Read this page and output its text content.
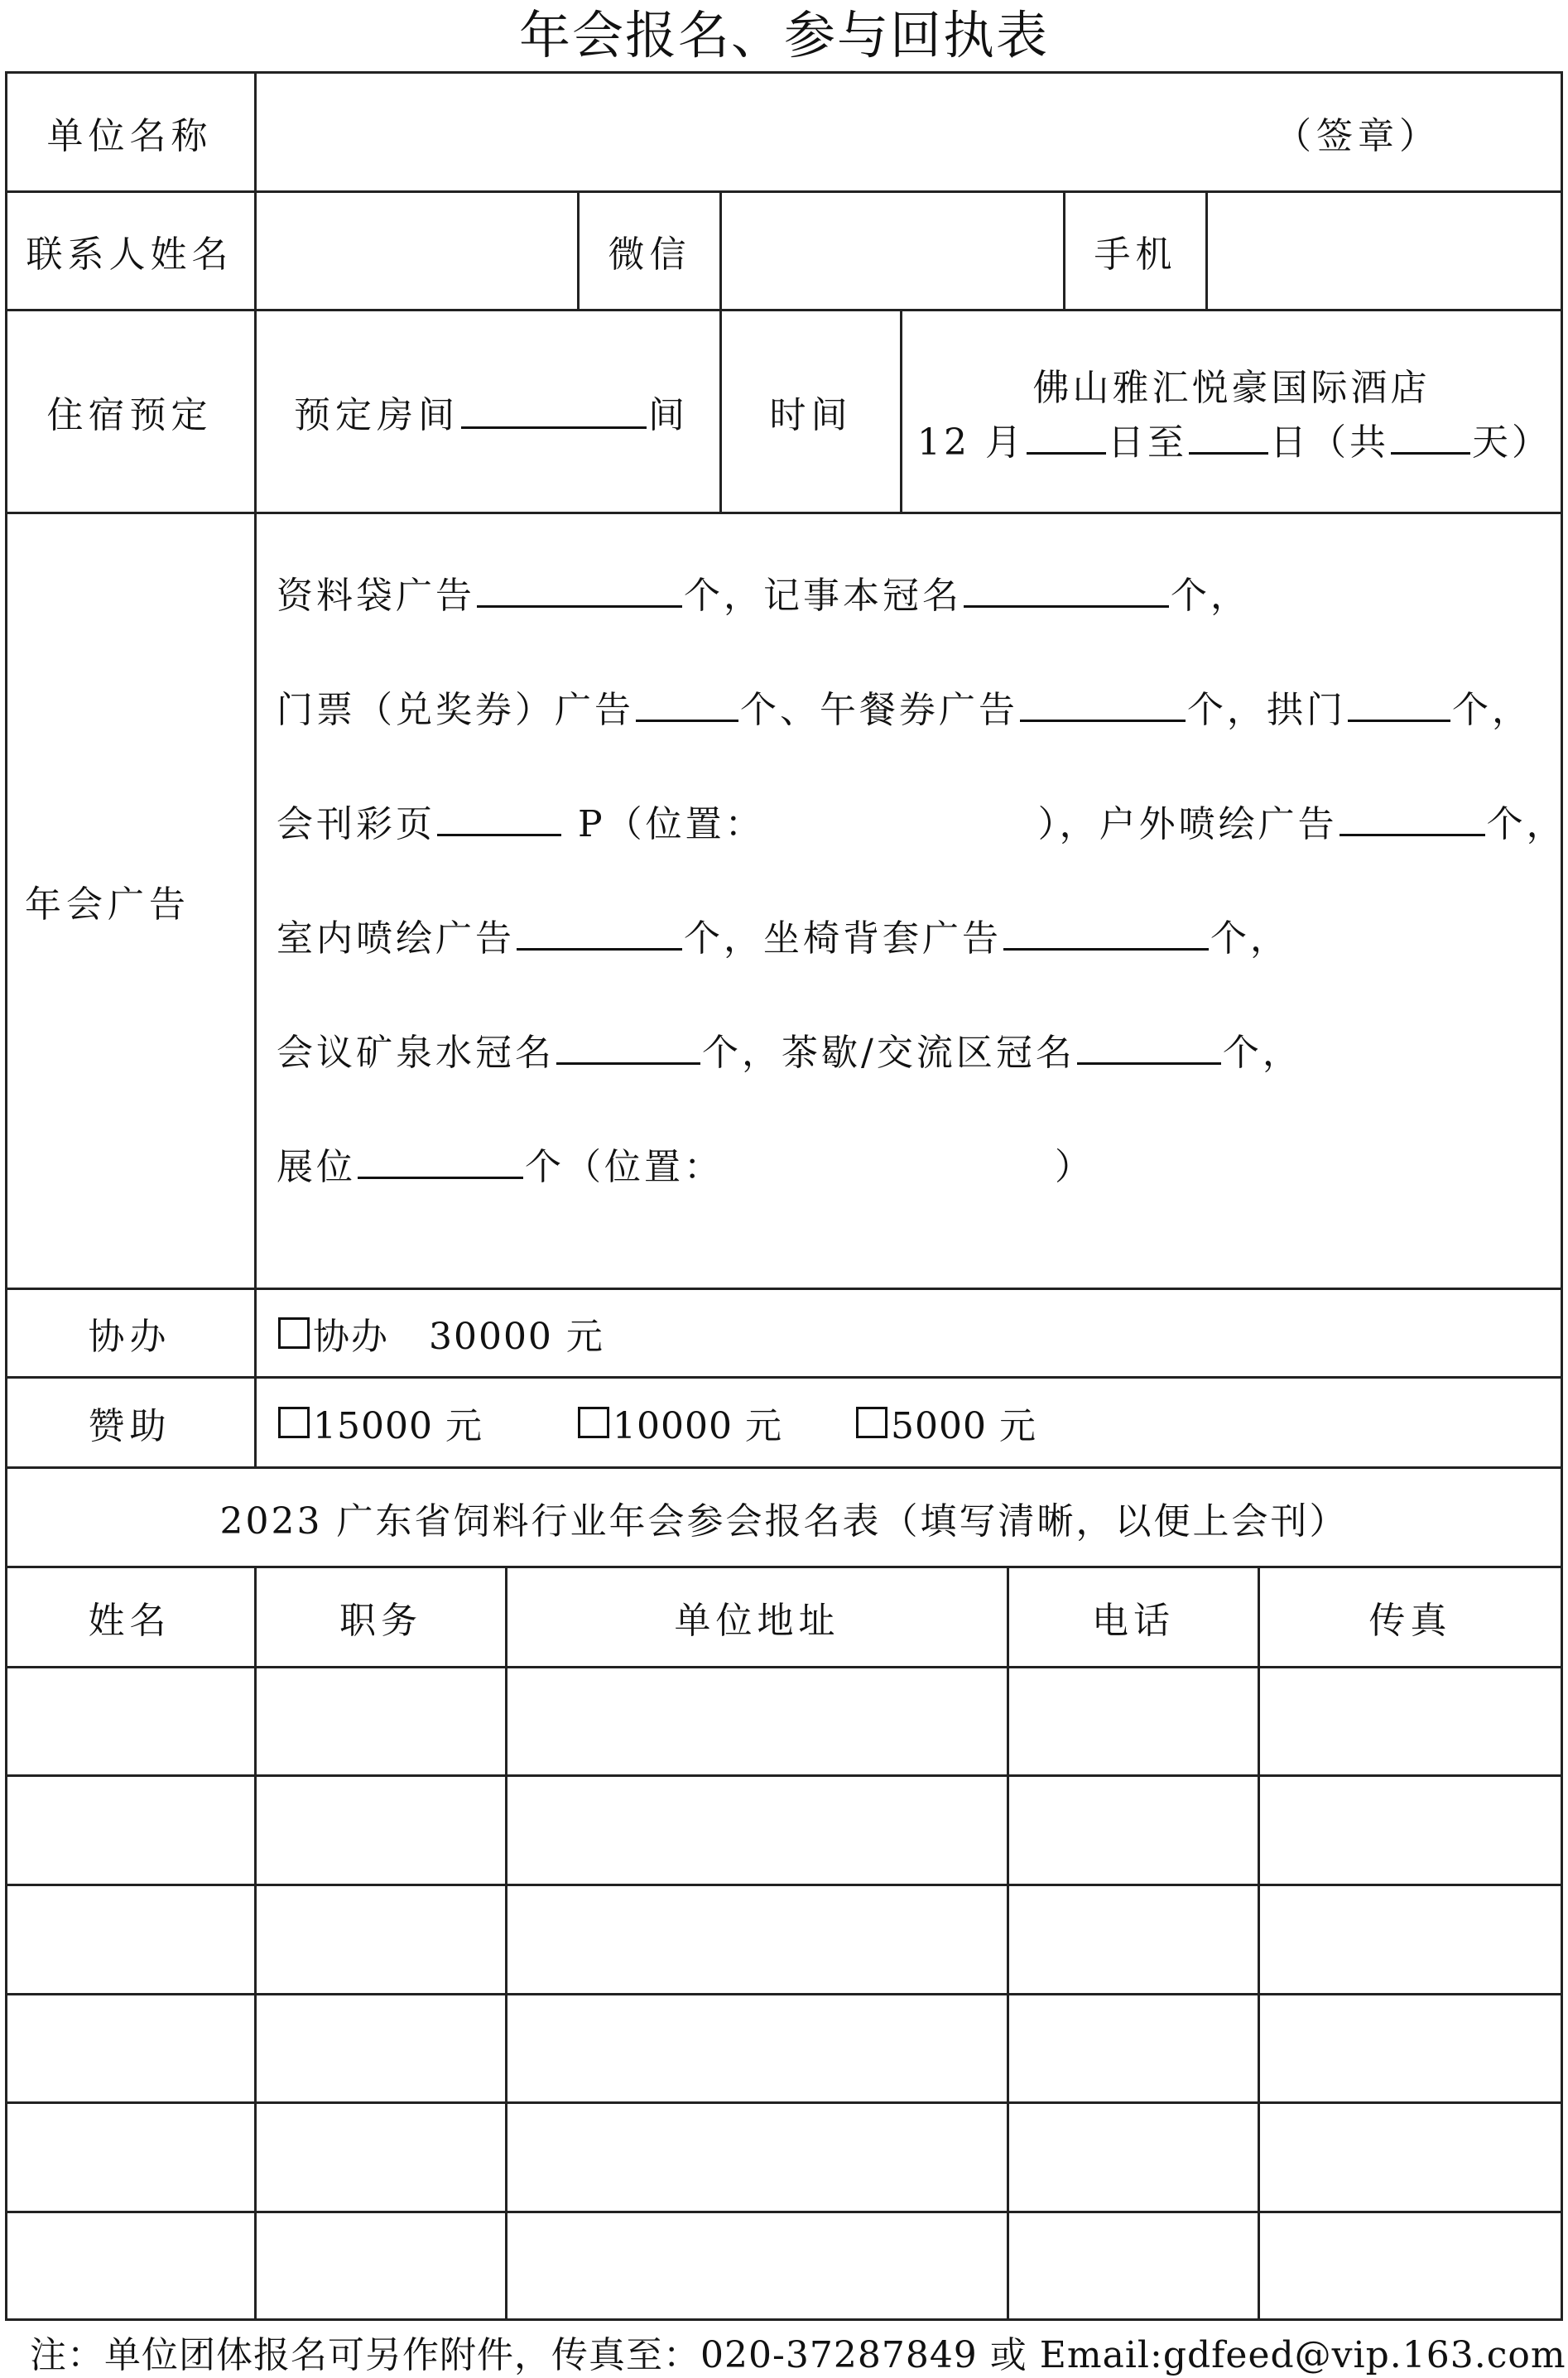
年会报名、参与回执表
单位名称	（签章）
联系人姓名	微信	手机
住宿预定	预定房间	间	时间
佛山雅汇悦豪国际酒店
12 月 日至 日（共 天）
年会广告
资料袋广告	个，记事本冠名	个，
门票（兑奖券）广告	个、午餐券广告	个，拱门	个，
会刊彩页	P（位置：	），户外喷绘广告	个，
室内喷绘广告	个，坐椅背套广告	个，
会议矿泉水冠名	个，茶歇/交流区冠名	个，
展位	个（位置：	）
协办	协办   30000 元
赞助	15000 元	10000 元	5000 元
2023 广东省饲料行业年会参会报名表（填写清晰，以便上会刊）
姓名	职务	单位地址	电话	传真
注：单位团体报名可另作附件，传真至：020-37287849 或 Email:gdfeed@vip.163.com
